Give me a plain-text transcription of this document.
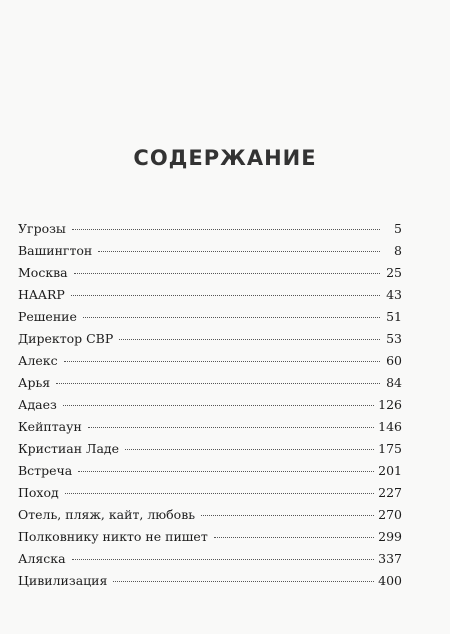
СОДЕРЖАНИЕ
Угрозы	5
Вашингтон	8
Москва	25
HAARP	43
Решение	51
Директор СВР	53
Алекс	60
Арья	84
Адаез	126
Кейптаун	146
Кристиан Ладе	175
Встреча	201
Поход	227
Отель, пляж, кайт, любовь	270
Полковнику никто не пишет	299
Аляска	337
Цивилизация	400
